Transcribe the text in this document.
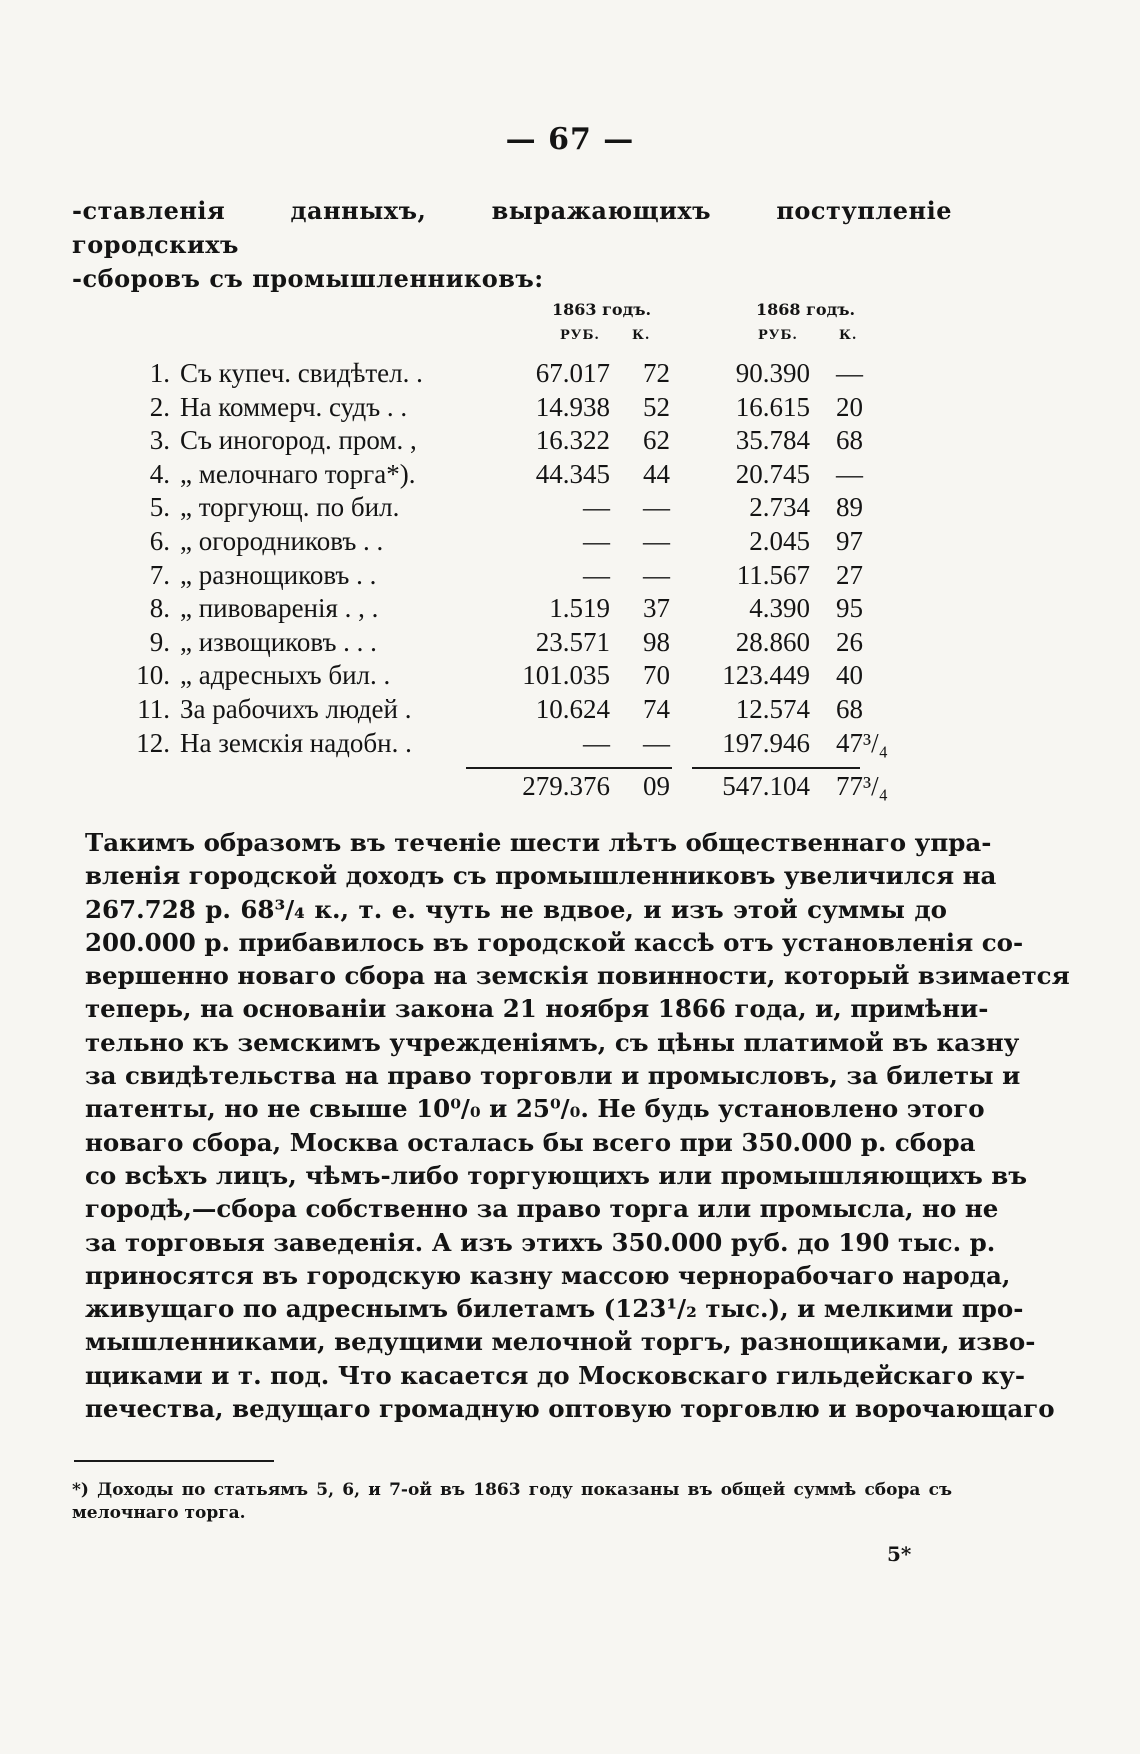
— 67 —
-ставленія данныхъ, выражающихъ поступленіе городскихъ
-сборовъ съ промышленниковъ:
1863 годъ.	1868 годъ.
РУБ. К.	РУБ.	К.
1. Съ купеч. свидѣтел. .	67.017 72 90.390 —
2. На коммерч. судъ . .	14.938 52 16.615 20
3. Съ иногород. пром. ,	16.322 62 35.784 68
4. „ мелочнаго торга*).	44.345 44 20.745 —
5. „ торгующ. по бил.	— —	2.734 89
6. „ огородниковъ . .	— —	2.045 97
7. „ разнощиковъ . .	— — 11.567 27
8. „ пивоваренія . , .	1.519 37	4.390 95
9. „ извощиковъ . . .	23.571 98 28.860 26
10. „ адресныхъ бил. .	101.035 70 123.449 40
11. За рабочихъ людей .	10.624 74 12.574 68
12. На земскія надобн. .	— — 197.946 47³/₄
279.376 09 547.104 77³/₄
Такимъ образомъ въ теченіе шести лѣтъ общественнаго упра-
вленія городской доходъ съ промышленниковъ увеличился на
267.728 р. 68³/₄ к., т. е. чуть не вдвое, и изъ этой суммы до
200.000 р. прибавилось въ городской кассѣ отъ установленія со-
вершенно новаго сбора на земскія повинности, который взимается
теперь, на основаніи закона 21 ноября 1866 года, и, примѣни-
тельно къ земскимъ учрежденіямъ, съ цѣны платимой въ казну
за свидѣтельства на право торговли и промысловъ, за билеты и
патенты, но не свыше 10⁰/₀ и 25⁰/₀. Не будь установлено этого
новаго сбора, Москва осталась бы всего при 350.000 р. сбора
со всѣхъ лицъ, чѣмъ-либо торгующихъ или промышляющихъ въ
городѣ,—сбора собственно за право торга или промысла, но не
за торговыя заведенія. А изъ этихъ 350.000 руб. до 190 тыс. р.
приносятся въ городскую казну массою чернорабочаго народа,
живущаго по адреснымъ билетамъ (123¹/₂ тыс.), и мелкими про-
мышленниками, ведущими мелочной торгъ, разнощиками, изво-
щиками и т. под. Что касается до Московскаго гильдейскаго ку-
печества, ведущаго громадную оптовую торговлю и ворочающаго
*) Доходы по статьямъ 5, 6, и 7-ой въ 1863 году показаны въ общей суммѣ сбора съ
мелочнаго торга.
5*
